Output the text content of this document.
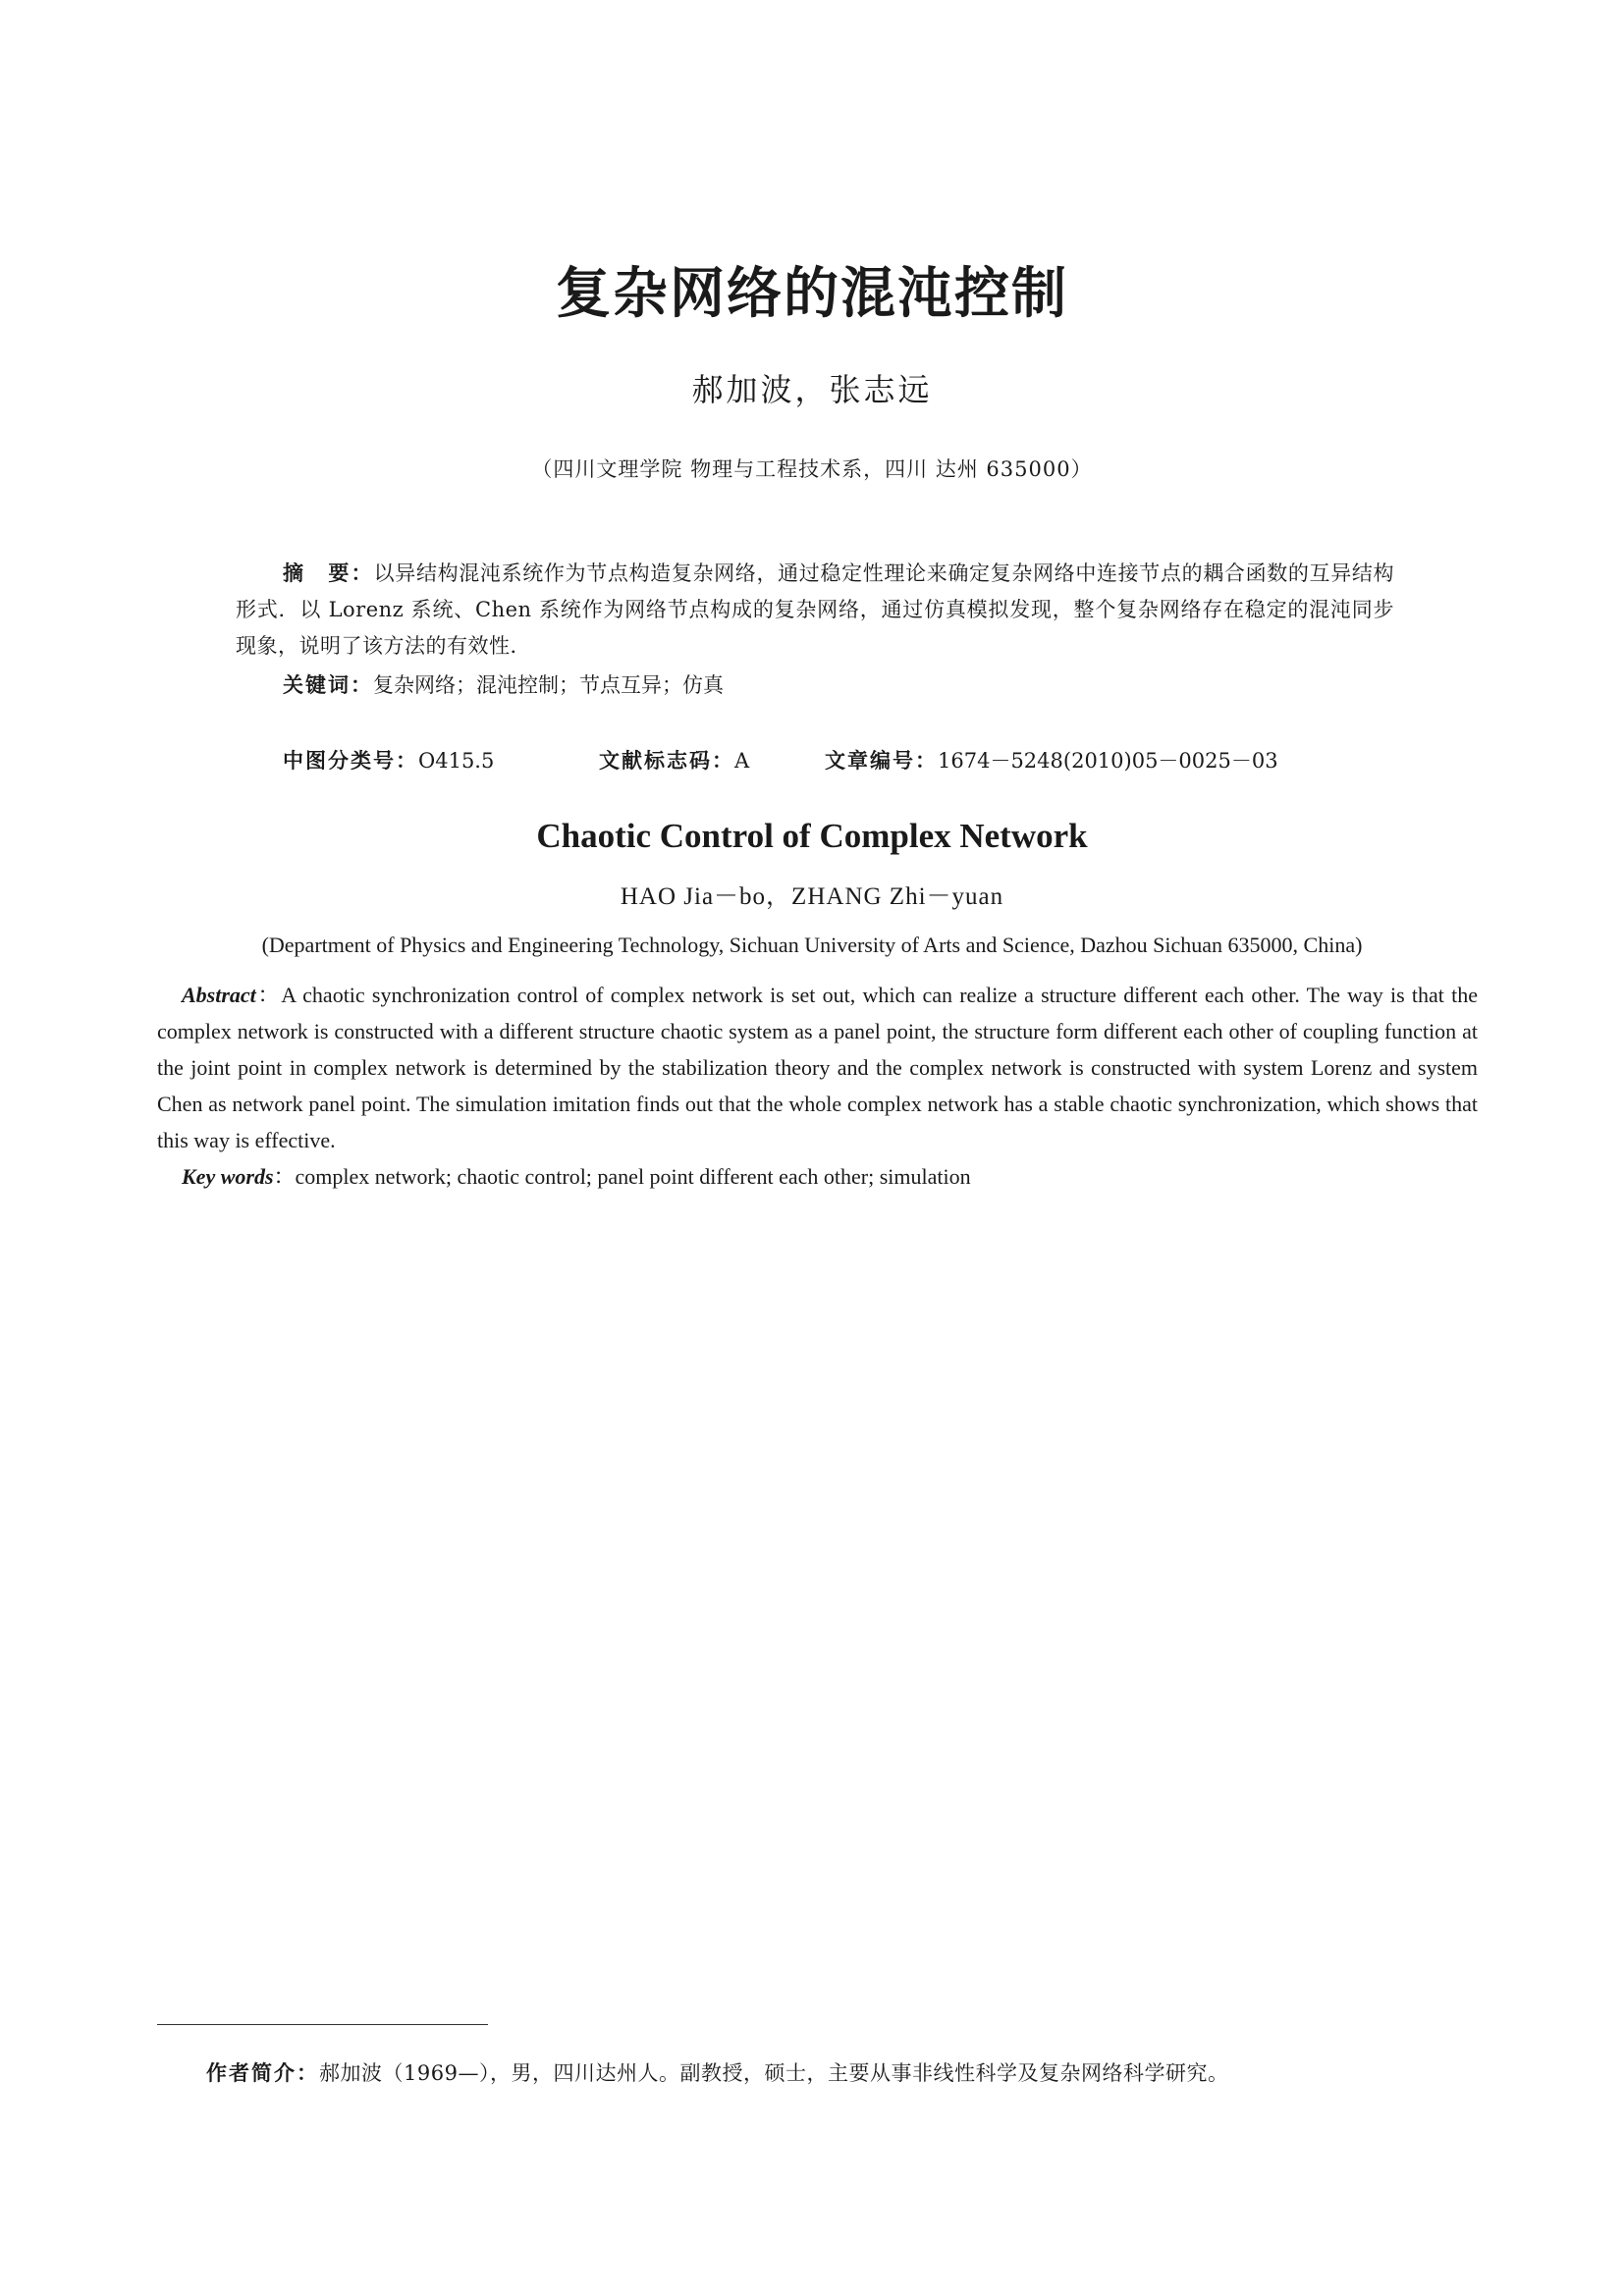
复杂网络的混沌控制
郝加波，张志远
（四川文理学院 物理与工程技术系，四川 达州 635000）
摘　要：以异结构混沌系统作为节点构造复杂网络，通过稳定性理论来确定复杂网络中连接节点的耦合函数的互异结构形式．以 Lorenz 系统、Chen 系统作为网络节点构成的复杂网络，通过仿真模拟发现，整个复杂网络存在稳定的混沌同步现象，说明了该方法的有效性．
关键词：复杂网络；混沌控制；节点互异；仿真
中图分类号：O415.5	文献标志码：A	文章编号：1674－5248(2010)05－0025－03
Chaotic Control of Complex Network
HAO Jia－bo，ZHANG Zhi－yuan
(Department of Physics and Engineering Technology, Sichuan University of Arts and Science, Dazhou Sichuan 635000, China)
Abstract：A chaotic synchronization control of complex network is set out, which can realize a structure different each other. The way is that the complex network is constructed with a different structure chaotic system as a panel point, the structure form different each other of coupling function at the joint point in complex network is determined by the stabilization theory and the complex network is constructed with system Lorenz and system Chen as network panel point. The simulation imitation finds out that the whole complex network has a stable chaotic synchronization, which shows that this way is effective.
Key words：complex network; chaotic control; panel point different each other; simulation
作者简介：郝加波（1969—），男，四川达州人。副教授，硕士，主要从事非线性科学及复杂网络科学研究。
